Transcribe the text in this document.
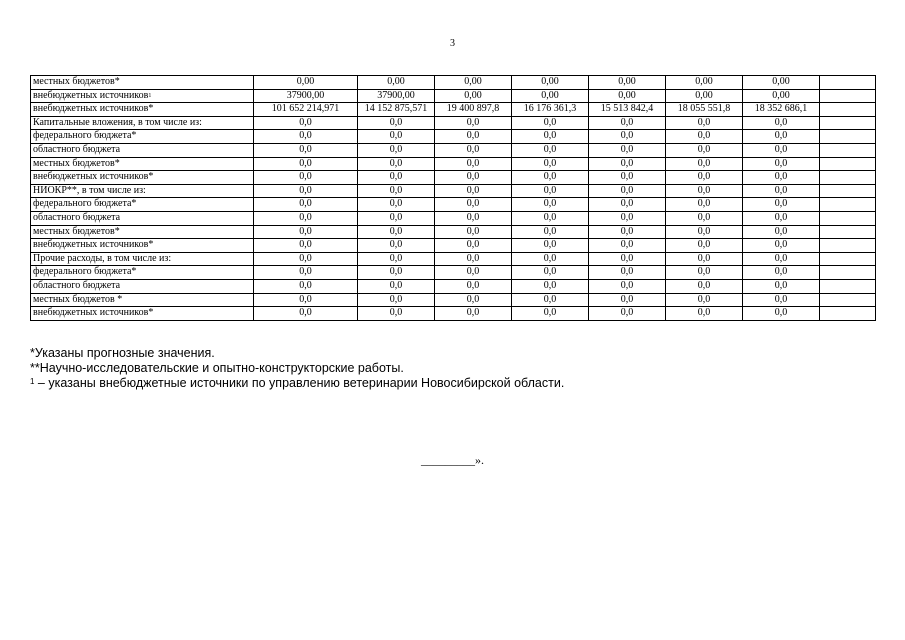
3
местных бюджетов*	0,00	0,00	0,00	0,00	0,00	0,00	0,00	
внебюджетных источников$^1$	37900,00	37900,00	0,00	0,00	0,00	0,00	0,00	
внебюджетных источников*	101 652 214,971	14 152 875,571	19 400 897,8	16 176 361,3	15 513 842,4	18 055 551,8	18 352 686,1	
Капитальные вложения, в том числе из:	0,0	0,0	0,0	0,0	0,0	0,0	0,0	
федерального бюджета*	0,0	0,0	0,0	0,0	0,0	0,0	0,0	
областного бюджета	0,0	0,0	0,0	0,0	0,0	0,0	0,0	
местных бюджетов*	0,0	0,0	0,0	0,0	0,0	0,0	0,0	
внебюджетных источников*	0,0	0,0	0,0	0,0	0,0	0,0	0,0	
НИОКР**, в том числе из:	0,0	0,0	0,0	0,0	0,0	0,0	0,0	
федерального бюджета*	0,0	0,0	0,0	0,0	0,0	0,0	0,0	
областного бюджета	0,0	0,0	0,0	0,0	0,0	0,0	0,0	
местных бюджетов*	0,0	0,0	0,0	0,0	0,0	0,0	0,0	
внебюджетных источников*	0,0	0,0	0,0	0,0	0,0	0,0	0,0	
Прочие расходы, в том числе из:	0,0	0,0	0,0	0,0	0,0	0,0	0,0	
федерального бюджета*	0,0	0,0	0,0	0,0	0,0	0,0	0,0	
областного бюджета	0,0	0,0	0,0	0,0	0,0	0,0	0,0	
местных бюджетов *	0,0	0,0	0,0	0,0	0,0	0,0	0,0	
внебюджетных источников*	0,0	0,0	0,0	0,0	0,0	0,0	0,0	

*Указаны прогнозные значения.

**Научно-исследовательские и опытно-конструкторские работы.

$^1$ – указаны внебюджетные источники по управлению ветеринарии Новосибирской области.

_________».
